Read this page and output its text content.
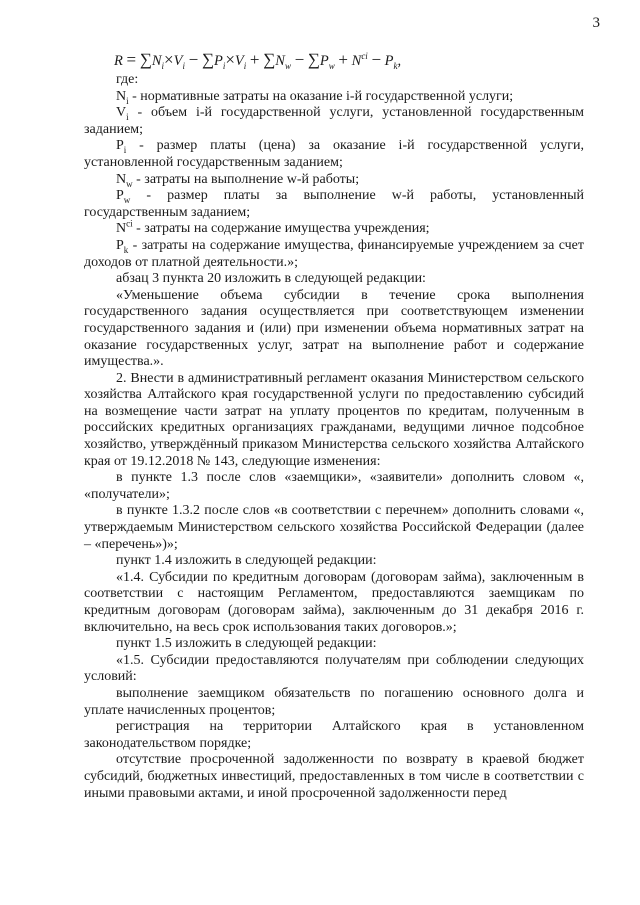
3
$R = \sum N_i\times V_i - \sum P_i\times V_i + \sum N_w - \sum P_w + N^{ci} - P_k$,

где:

$N_i$ - нормативные затраты на оказание i-й государственной услуги;

$V_i$ - объем i-й государственной услуги, установленной государственным заданием;

$P_i$ - размер платы (цена) за оказание i-й государственной услуги, установленной государственным заданием;

$N_w$ - затраты на выполнение w-й работы;

$P_w$ - размер платы за выполнение w-й работы, установленный государственным заданием;

$N^{ci}$ - затраты на содержание имущества учреждения;

$P_k$ - затраты на содержание имущества, финансируемые учреждением за счет доходов от платной деятельности.»;

абзац 3 пункта 20 изложить в следующей редакции:

«Уменьшение объема субсидии в течение срока выполнения государственного задания осуществляется при соответствующем изменении государственного задания и (или) при изменении объема нормативных затрат на оказание государственных услуг, затрат на выполнение работ и содержание имущества.».

2. Внести в административный регламент оказания Министерством сельского хозяйства Алтайского края государственной услуги по предоставлению субсидий на возмещение части затрат на уплату процентов по кредитам, полученным в российских кредитных организациях гражданами, ведущими личное подсобное хозяйство, утверждённый приказом Министерства сельского хозяйства Алтайского края от 19.12.2018 № 143, следующие изменения:

в пункте 1.3 после слов «заемщики», «заявители» дополнить словом «, «получатели»;

в пункте 1.3.2 после слов «в соответствии с перечнем» дополнить словами «, утверждаемым Министерством сельского хозяйства Российской Федерации (далее – «перечень»)»;

пункт 1.4 изложить в следующей редакции:

«1.4. Субсидии по кредитным договорам (договорам займа), заключенным в соответствии с настоящим Регламентом, предоставляются заемщикам по кредитным договорам (договорам займа), заключенным до 31 декабря 2016 г. включительно, на весь срок использования таких договоров.»;

пункт 1.5 изложить в следующей редакции:

«1.5. Субсидии предоставляются получателям при соблюдении следующих условий:

выполнение заемщиком обязательств по погашению основного долга и уплате начисленных процентов;

регистрация на территории Алтайского края в установленном законодательством порядке;

отсутствие просроченной задолженности по возврату в краевой бюджет субсидий, бюджетных инвестиций, предоставленных в том числе в соответствии с иными правовыми актами, и иной просроченной задолженности перед
